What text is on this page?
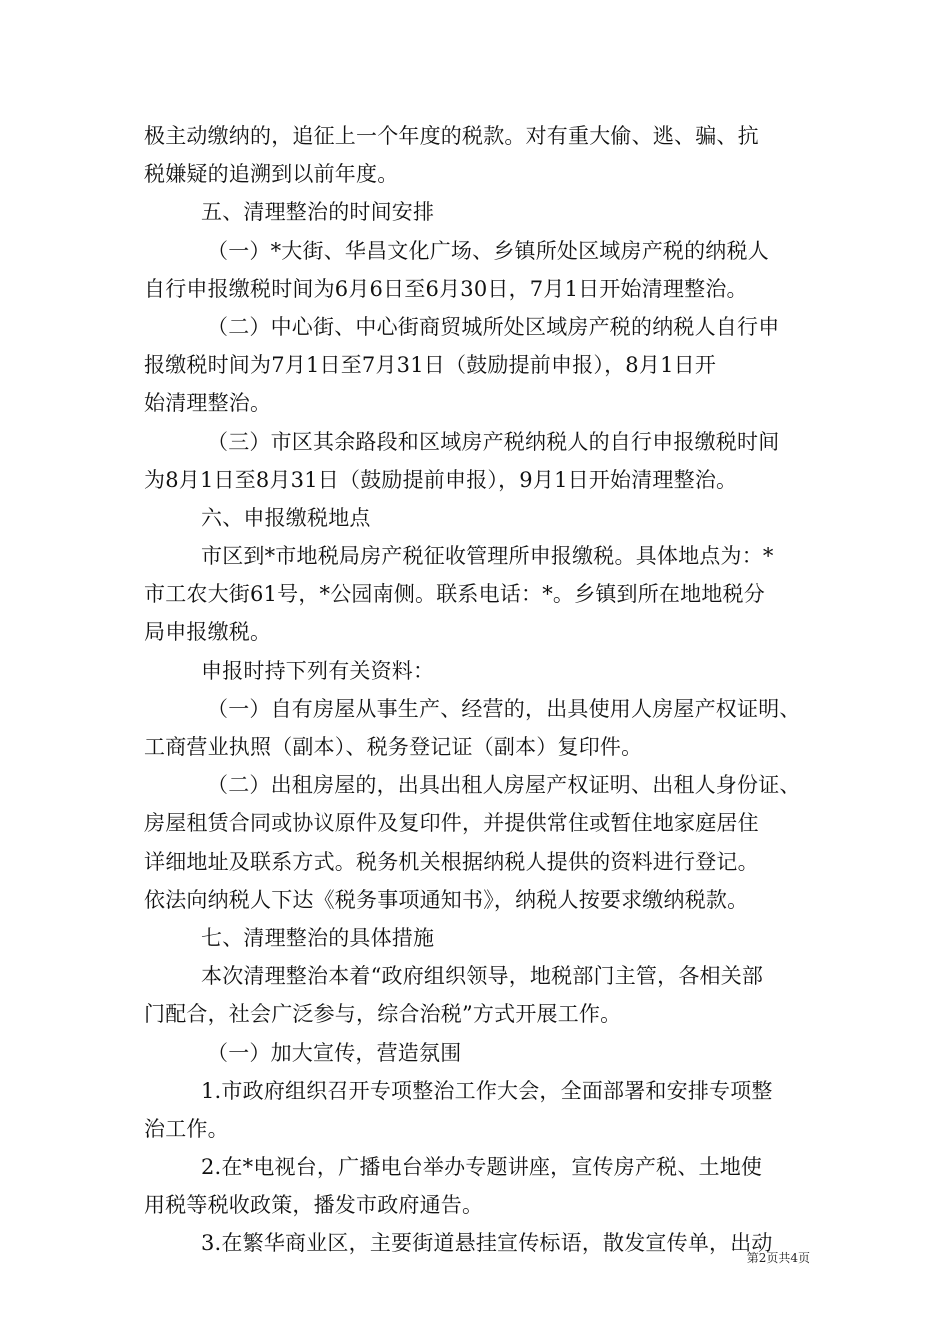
极主动缴纳的，追征上一个年度的税款。对有重大偷、逃、骗、抗
税嫌疑的追溯到以前年度。
五、清理整治的时间安排
（一）*大街、华昌文化广场、乡镇所处区域房产税的纳税人
自行申报缴税时间为6月6日至6月30日，7月1日开始清理整治。
（二）中心街、中心街商贸城所处区域房产税的纳税人自行申
报缴税时间为7月1日至7月31日（鼓励提前申报），8月1日开
始清理整治。
（三）市区其余路段和区域房产税纳税人的自行申报缴税时间
为8月1日至8月31日（鼓励提前申报），9月1日开始清理整治。
六、申报缴税地点
市区到*市地税局房产税征收管理所申报缴税。具体地点为：*
市工农大街61号，*公园南侧。联系电话：*。乡镇到所在地地税分
局申报缴税。
申报时持下列有关资料：
（一）自有房屋从事生产、经营的，出具使用人房屋产权证明、
工商营业执照（副本）、税务登记证（副本）复印件。
（二）出租房屋的，出具出租人房屋产权证明、出租人身份证、
房屋租赁合同或协议原件及复印件，并提供常住或暂住地家庭居住
详细地址及联系方式。税务机关根据纳税人提供的资料进行登记。
依法向纳税人下达《税务事项通知书》，纳税人按要求缴纳税款。
七、清理整治的具体措施
本次清理整治本着“政府组织领导，地税部门主管，各相关部
门配合，社会广泛参与，综合治税”方式开展工作。
（一）加大宣传，营造氛围
1.市政府组织召开专项整治工作大会，全面部署和安排专项整
治工作。
2.在*电视台，广播电台举办专题讲座，宣传房产税、土地使
用税等税收政策，播发市政府通告。
3.在繁华商业区，主要街道悬挂宣传标语，散发宣传单，出动
第2页共4页
